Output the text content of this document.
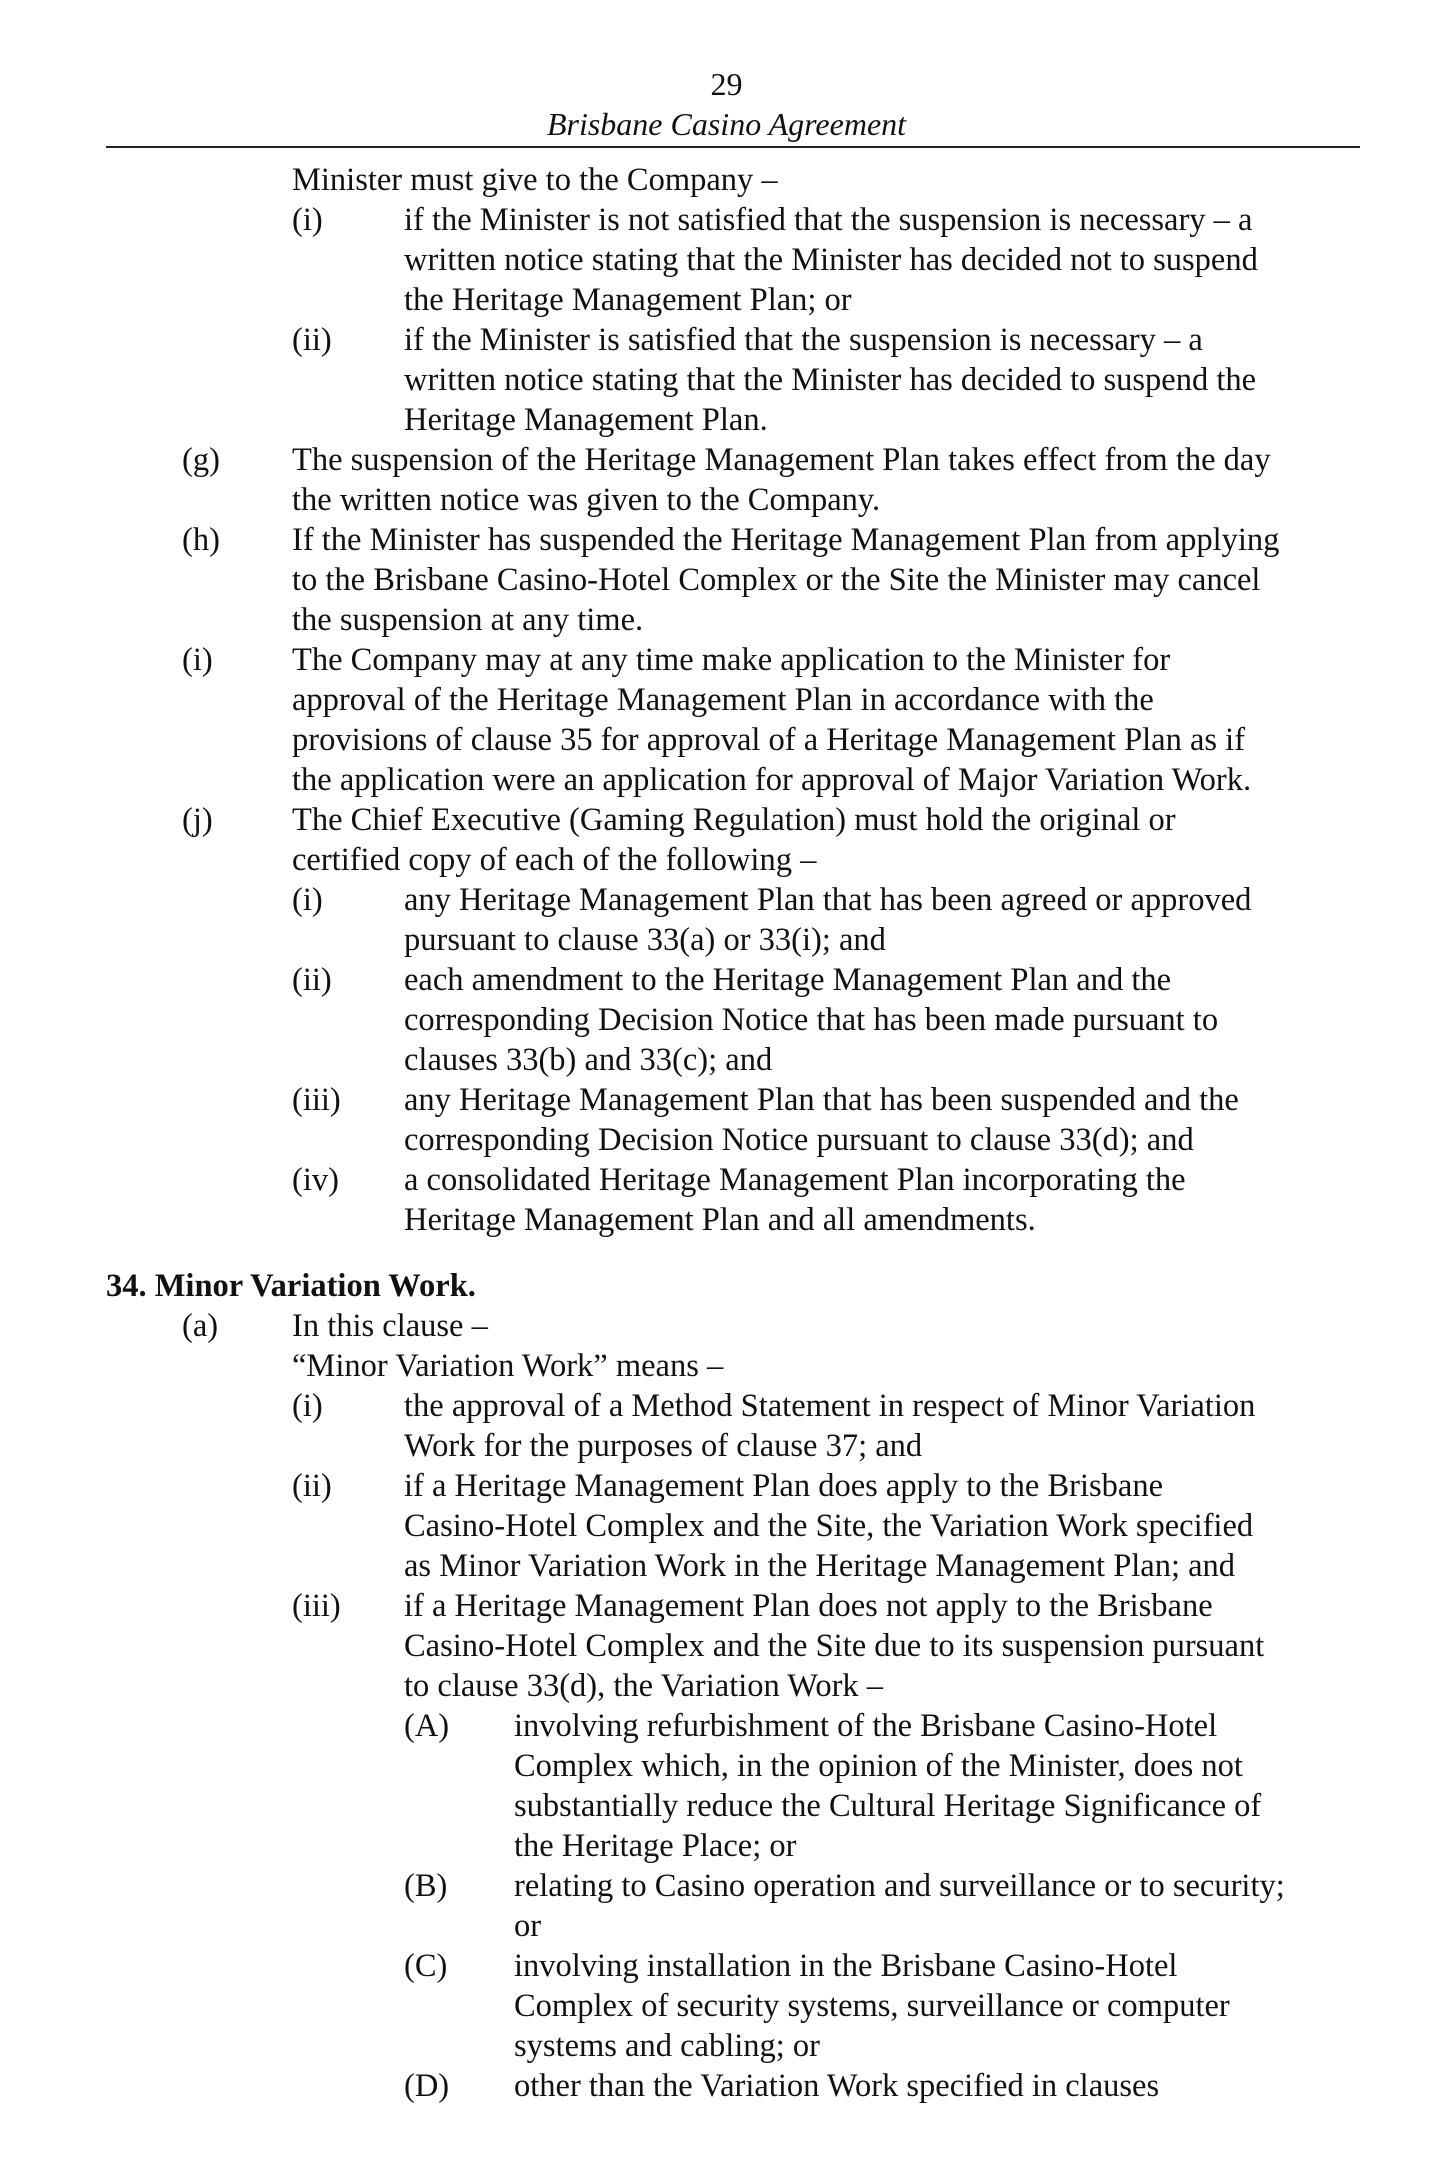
29
Brisbane Casino Agreement
Minister must give to the Company –
(i)	if the Minister is not satisfied that the suspension is necessary – a
written notice stating that the Minister has decided not to suspend
the Heritage Management Plan; or
(ii) if the Minister is satisfied that the suspension is necessary – a
written notice stating that the Minister has decided to suspend the
Heritage Management Plan.
(g) The suspension of the Heritage Management Plan takes effect from the day
the written notice was given to the Company.
(h) If the Minister has suspended the Heritage Management Plan from applying
to the Brisbane Casino-Hotel Complex or the Site the Minister may cancel
the suspension at any time.
(i) The Company may at any time make application to the Minister for
approval of the Heritage Management Plan in accordance with the
provisions of clause 35 for approval of a Heritage Management Plan as if
the application were an application for approval of Major Variation Work.
(j) The Chief Executive (Gaming Regulation) must hold the original or
certified copy of each of the following –
(i)	any Heritage Management Plan that has been agreed or approved
pursuant to clause 33(a) or 33(i); and
(ii) each amendment to the Heritage Management Plan and the
corresponding Decision Notice that has been made pursuant to
clauses 33(b) and 33(c); and
(iii) any Heritage Management Plan that has been suspended and the
corresponding Decision Notice pursuant to clause 33(d); and
(iv) a consolidated Heritage Management Plan incorporating the
Heritage Management Plan and all amendments.
34. Minor Variation Work.
(a) In this clause –
“Minor Variation Work” means –
(i)	the approval of a Method Statement in respect of Minor Variation
Work for the purposes of clause 37; and
(ii) if a Heritage Management Plan does apply to the Brisbane
Casino-Hotel Complex and the Site, the Variation Work specified
as Minor Variation Work in the Heritage Management Plan; and
(iii) if a Heritage Management Plan does not apply to the Brisbane
Casino-Hotel Complex and the Site due to its suspension pursuant
to clause 33(d), the Variation Work –
(A) involving refurbishment of the Brisbane Casino-Hotel
Complex which, in the opinion of the Minister, does not
substantially reduce the Cultural Heritage Significance of
the Heritage Place; or
(B) relating to Casino operation and surveillance or to security;
or
(C) involving installation in the Brisbane Casino-Hotel
Complex of security systems, surveillance or computer
systems and cabling; or
(D) other than the Variation Work specified in clauses
